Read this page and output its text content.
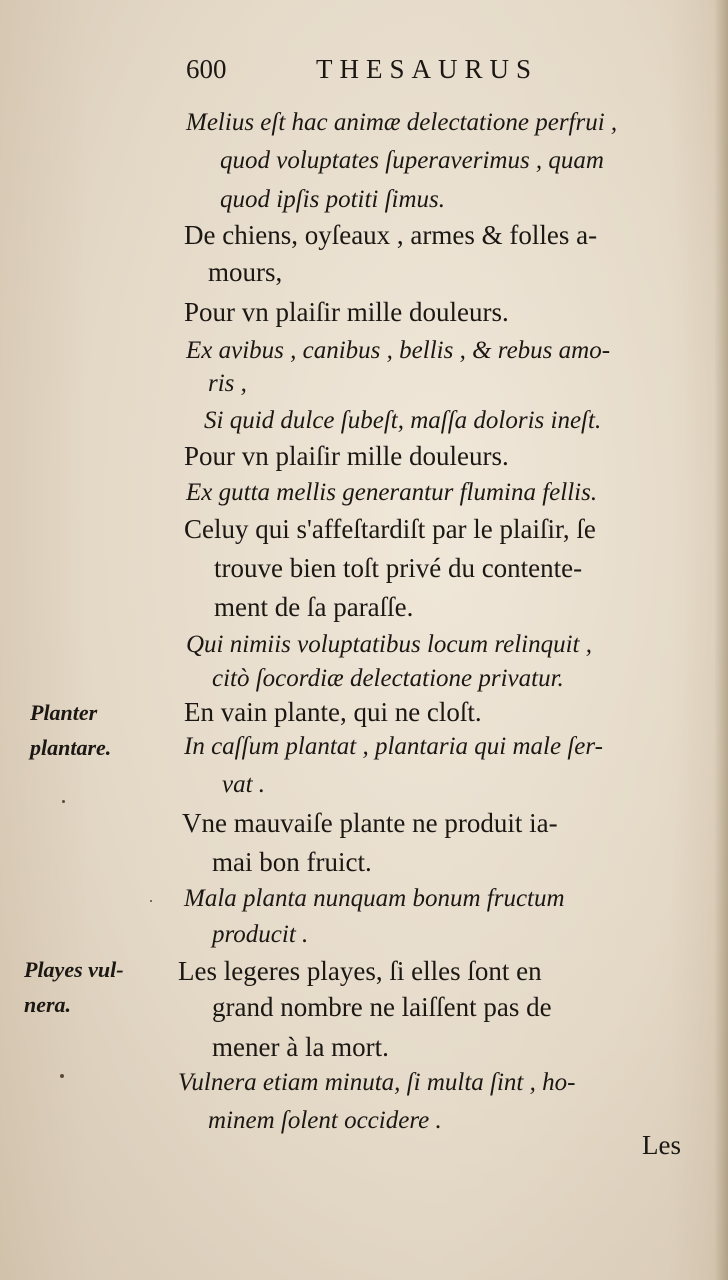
600	THESAURUS
Melius eſt hac animæ delectatione perfrui ,
quod voluptates ſuperaverimus , quam
quod ipſis potiti ſimus.
De chiens, oyſeaux , armes & folles a-
mours,
Pour vn plaiſir mille douleurs.
Ex avibus , canibus , bellis , & rebus amo-
ris ,
Si quid dulce ſubeſt, maſſa doloris ineſt.
Pour vn plaiſir mille douleurs.
Ex gutta mellis generantur flumina fellis.
Celuy qui s'affeſtardiſt par le plaiſir, ſe
trouve bien toſt privé du contente-
ment de ſa paraſſe.
Qui nimiis voluptatibus locum relinquit ,
citò ſocordiæ delectatione privatur.
En vain plante, qui ne cloſt.
In caſſum plantat , plantaria qui male ſer-
vat .
Vne mauvaiſe plante ne produit ia-
mai bon fruict.
Mala planta nunquam bonum fructum
producit .
Les legeres playes, ſi elles ſont en
grand nombre ne laiſſent pas de
mener à la mort.
Vulnera etiam minuta, ſi multa ſint , ho-
minem ſolent occidere .
Planter
plantare.
Playes vul-
nera.
Les
